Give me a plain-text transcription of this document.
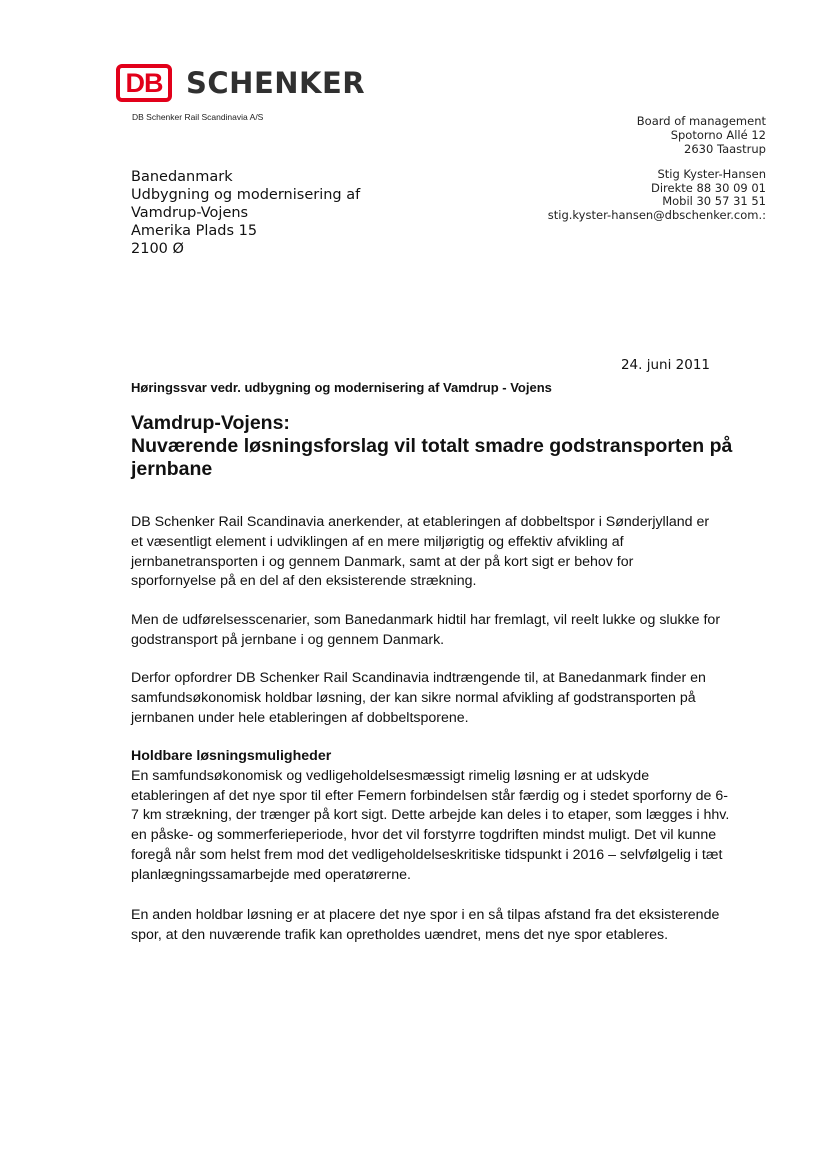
DB SCHENKER
DB Schenker Rail Scandinavia A/S	Board of management
Spotorno Allé 12
2630 Taastrup
Stig Kyster-Hansen
Direkte 88 30 09 01
Mobil 30 57 31 51
stig.kyster-hansen@dbschenker.com.:
Banedanmark
Udbygning og modernisering af
Vamdrup-Vojens
Amerika Plads 15
2100 Ø
24. juni 2011
Høringssvar vedr. udbygning og modernisering af Vamdrup - Vojens
Vamdrup-Vojens:
Nuværende løsningsforslag vil totalt smadre godstransporten på jernbane
DB Schenker Rail Scandinavia anerkender, at etableringen af dobbeltspor i Sønderjylland er et væsentligt element i udviklingen af en mere miljørigtig og effektiv afvikling af jernbanetransporten i og gennem Danmark, samt at der på kort sigt er behov for sporfornyelse på en del af den eksisterende strækning.
Men de udførelsesscenarier, som Banedanmark hidtil har fremlagt, vil reelt lukke og slukke for godstransport på jernbane i og gennem Danmark.
Derfor opfordrer DB Schenker Rail Scandinavia indtrængende til, at Banedanmark finder en samfundsøkonomisk holdbar løsning, der kan sikre normal afvikling af godstransporten på jernbanen under hele etableringen af dobbeltsporene.
Holdbare løsningsmuligheder
En samfundsøkonomisk og vedligeholdelsesmæssigt rimelig løsning er at udskyde etableringen af det nye spor til efter Femern forbindelsen står færdig og i stedet sporforny de 6-7 km strækning, der trænger på kort sigt. Dette arbejde kan deles i to etaper, som lægges i hhv. en påske- og sommerferieperiode, hvor det vil forstyrre togdriften mindst muligt. Det vil kunne foregå når som helst frem mod det vedligeholdelseskritiske tidspunkt i 2016 – selvfølgelig i tæt planlægningssamarbejde med operatørerne.
En anden holdbar løsning er at placere det nye spor i en så tilpas afstand fra det eksisterende spor, at den nuværende trafik kan opretholdes uændret, mens det nye spor etableres.
